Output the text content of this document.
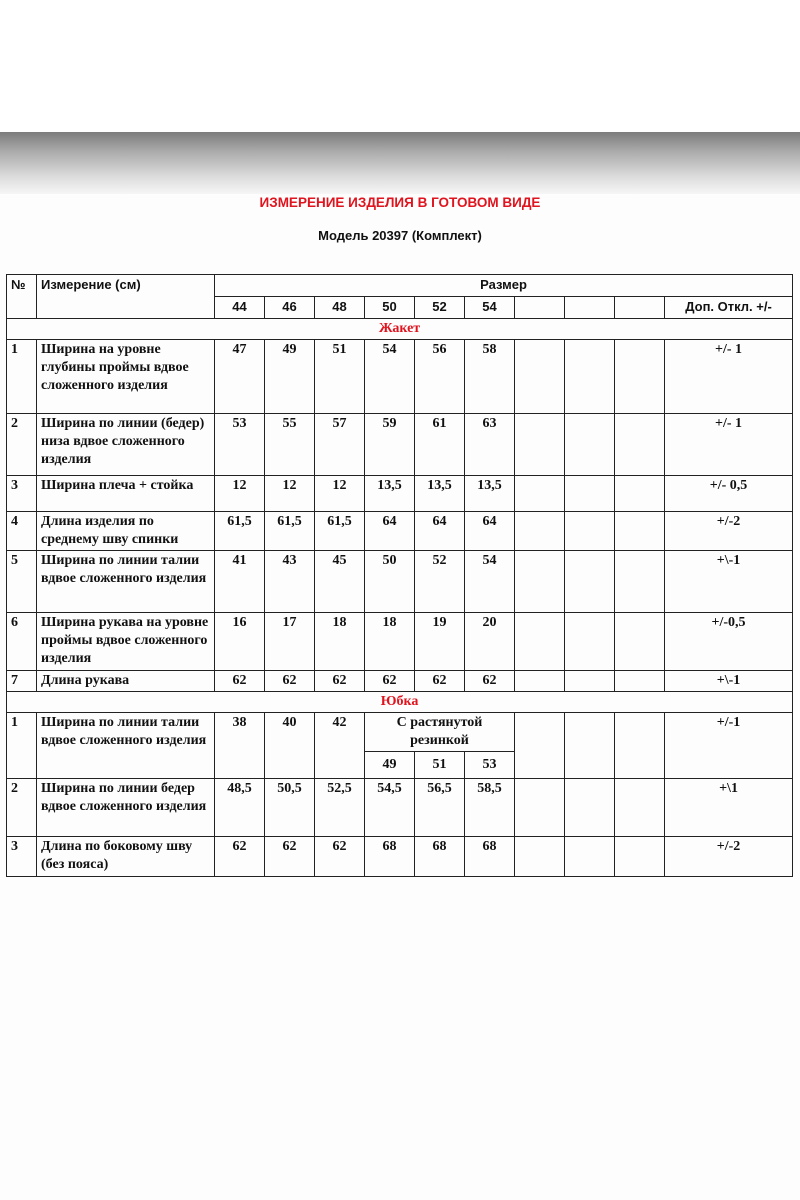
ИЗМЕРЕНИЕ ИЗДЕЛИЯ В ГОТОВОМ ВИДЕ
Модель 20397 (Комплект)
№	Измерение (см)	Размер									
		44	46	48	50	52	54				Доп. Откл. +/-
Жакет											
1	Ширина на уровне глубины проймы вдвое сложенного изделия	47	49	51	54	56	58				+/- 1
2	Ширина по линии (бедер) низа вдвое сложенного изделия	53	55	57	59	61	63				+/- 1
3	Ширина плеча + стойка	12	12	12	13,5	13,5	13,5				+/- 0,5
4	Длина изделия по среднему шву спинки	61,5	61,5	61,5	64	64	64				+/-2
5	Ширина по линии талии вдвое сложенного изделия	41	43	45	50	52	54				+\-1
6	Ширина рукава на уровне проймы вдвое сложенного изделия	16	17	18	18	19	20				+/-0,5
7	Длина рукава	62	62	62	62	62	62				+\-1
Юбка											
1	Ширина по линии талии вдвое сложенного изделия	38	40	42	С растянутой резинкой						+/-1
					49	51	53				
2	Ширина по линии бедер вдвое сложенного изделия	48,5	50,5	52,5	54,5	56,5	58,5				+\1
3	Длина по боковому шву (без пояса)	62	62	62	68	68	68				+/-2
